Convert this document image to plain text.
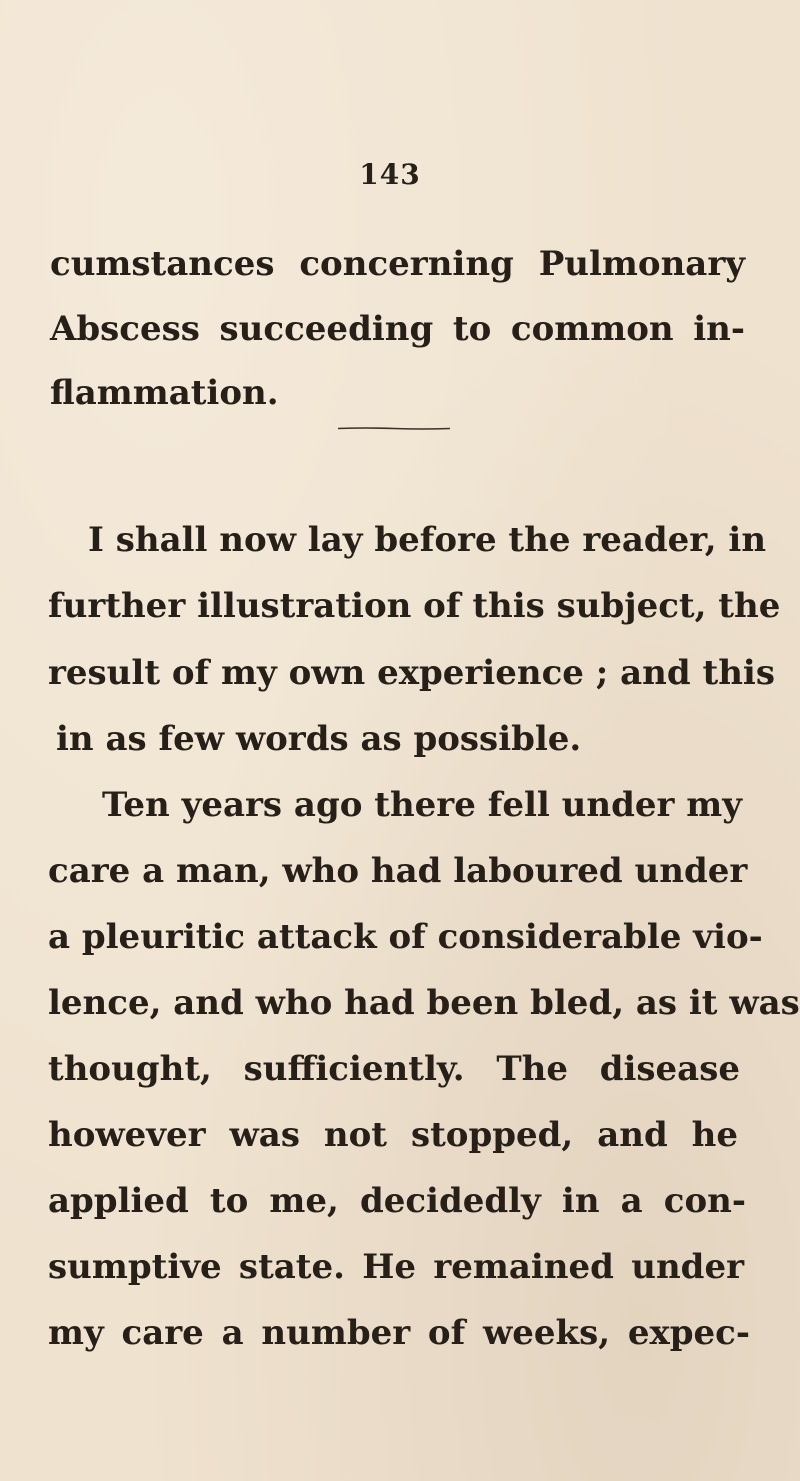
143
cumstances concerning Pulmonary
Abscess succeeding to common in-
flammation.
I shall now lay before the reader, in
further illustration of this subject, the
result of my own experience ; and this
in as few words as possible.
Ten years ago there fell under my
care a man, who had laboured under
a pleuritic attack of considerable vio-
lence, and who had been bled, as it was
thought, sufficiently. The disease
however was not stopped, and he
applied to me, decidedly in a con-
sumptive state. He remained under
my care a number of weeks, expec-
